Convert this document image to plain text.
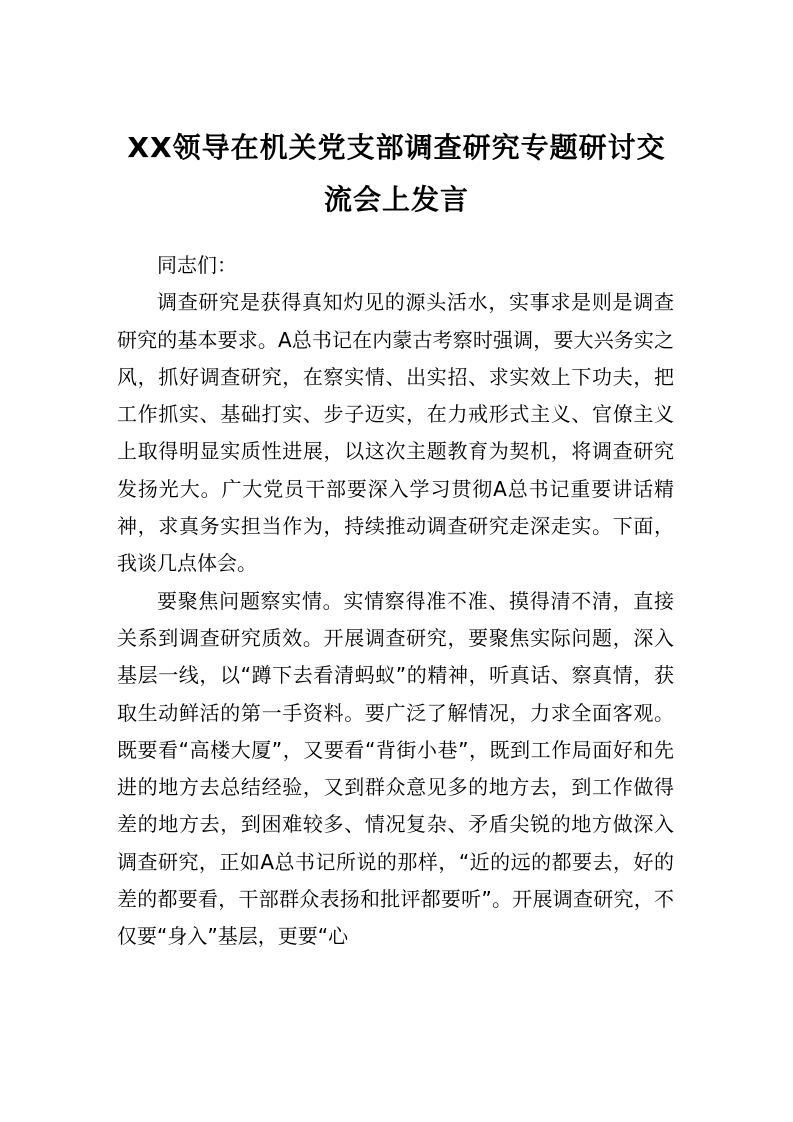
XX领导在机关党支部调查研究专题研讨交
流会上发言

同志们：

调查研究是获得真知灼见的源头活水，实事求是则是调查研究的基本要求。A总书记在内蒙古考察时强调，要大兴务实之风，抓好调查研究，在察实情、出实招、求实效上下功夫，把工作抓实、基础打实、步子迈实，在力戒形式主义、官僚主义上取得明显实质性进展，以这次主题教育为契机，将调查研究发扬光大。广大党员干部要深入学习贯彻A总书记重要讲话精神，求真务实担当作为，持续推动调查研究走深走实。下面，我谈几点体会。

要聚焦问题察实情。实情察得准不准、摸得清不清，直接关系到调查研究质效。开展调查研究，要聚焦实际问题，深入基层一线，以“蹲下去看清蚂蚁”的精神，听真话、察真情，获取生动鲜活的第一手资料。要广泛了解情况，力求全面客观。既要看“高楼大厦”，又要看“背街小巷”，既到工作局面好和先进的地方去总结经验，又到群众意见多的地方去，到工作做得差的地方去，到困难较多、情况复杂、矛盾尖锐的地方做深入调查研究，正如A总书记所说的那样，“近的远的都要去，好的差的都要看，干部群众表扬和批评都要听”。开展调查研究，不仅要“身入”基层，更要“心
